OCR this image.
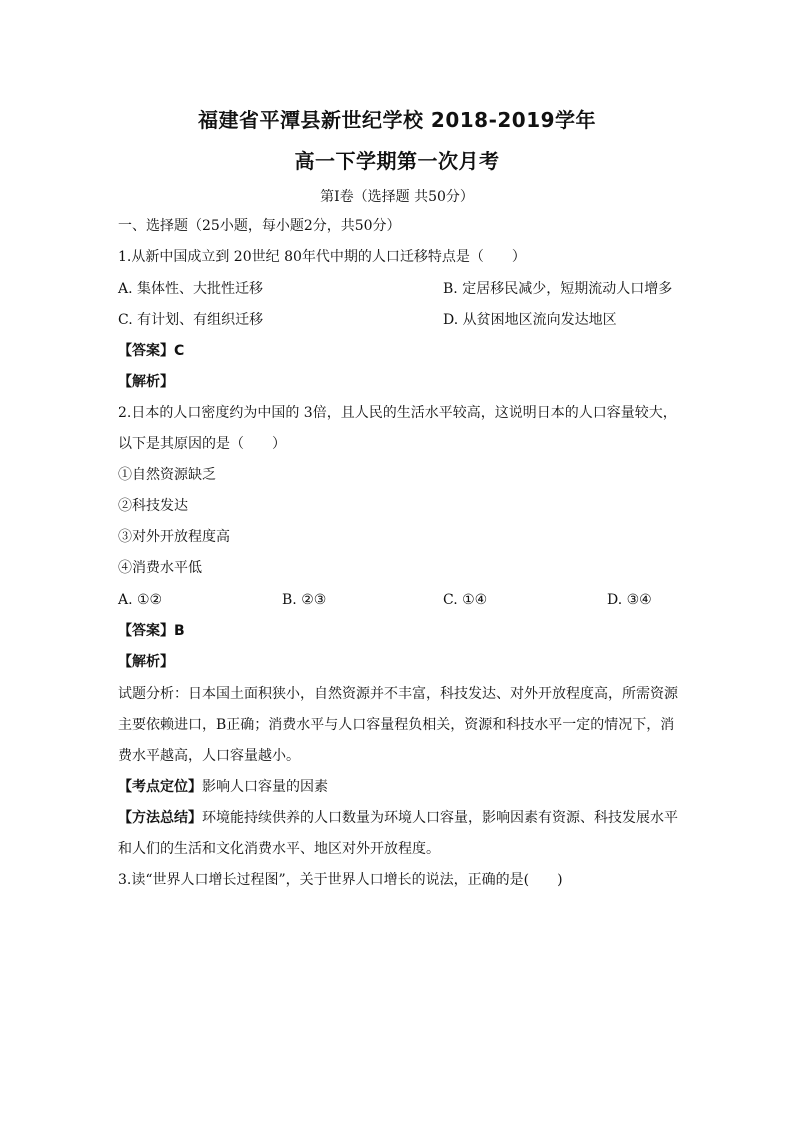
福建省平潭县新世纪学校 2018-2019学年
高一下学期第一次月考
第Ⅰ卷（选择题 共50分）
一、选择题（25小题，每小题2分，共50分）
1.从新中国成立到 20世纪 80年代中期的人口迁移特点是（　　）
A. 集体性、大批性迁移	B. 定居移民减少，短期流动人口增多
C. 有计划、有组织迁移	D. 从贫困地区流向发达地区
【答案】C
【解析】
2.日本的人口密度约为中国的 3倍，且人民的生活水平较高，这说明日本的人口容量较大，
以下是其原因的是（　　）
①自然资源缺乏
②科技发达
③对外开放程度高
④消费水平低
A. ①②	B. ②③	C. ①④	D. ③④
【答案】B
【解析】
试题分析：日本国土面积狭小，自然资源并不丰富，科技发达、对外开放程度高，所需资源
主要依赖进口，B正确；消费水平与人口容量程负相关，资源和科技水平一定的情况下，消
费水平越高，人口容量越小。
【考点定位】影响人口容量的因素
【方法总结】环境能持续供养的人口数量为环境人口容量，影响因素有资源、科技发展水平
和人们的生活和文化消费水平、地区对外开放程度。
3.读“世界人口增长过程图”，关于世界人口增长的说法，正确的是(　　)
